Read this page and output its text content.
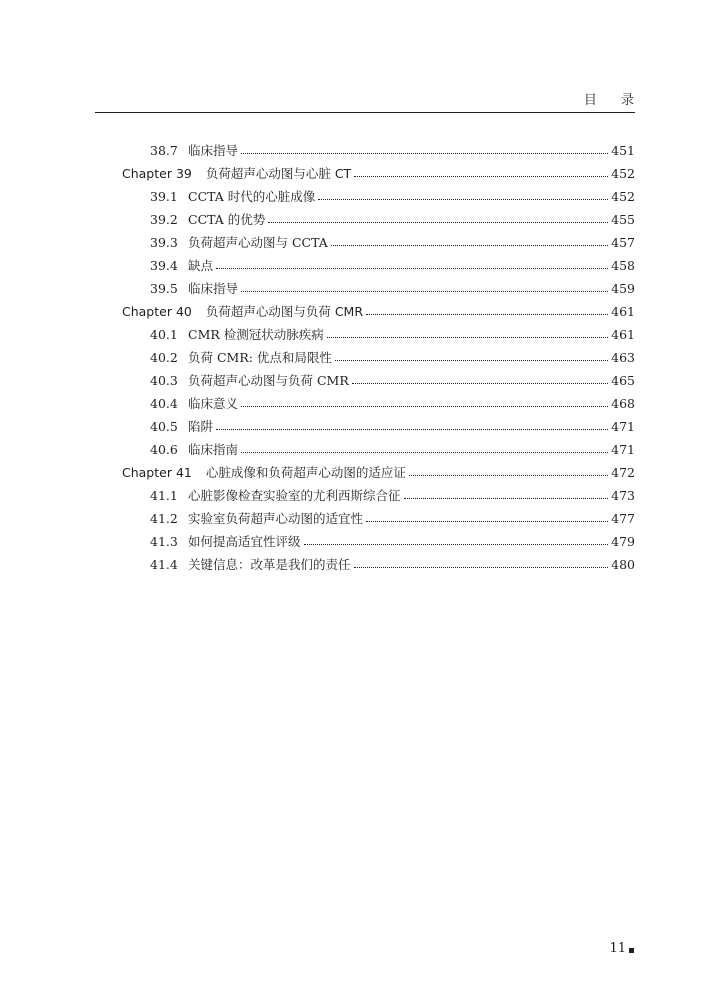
目 录
38.7 临床指导	451
Chapter 39 负荷超声心动图与心脏 CT	452
39.1 CCTA 时代的心脏成像	452
39.2 CCTA 的优势	455
39.3 负荷超声心动图与 CCTA	457
39.4 缺点	458
39.5 临床指导	459
Chapter 40 负荷超声心动图与负荷 CMR	461
40.1 CMR 检测冠状动脉疾病	461
40.2 负荷 CMR: 优点和局限性	463
40.3 负荷超声心动图与负荷 CMR	465
40.4 临床意义	468
40.5 陷阱	471
40.6 临床指南	471
Chapter 41 心脏成像和负荷超声心动图的适应证	472
41.1 心脏影像检查实验室的尤利西斯综合征	473
41.2 实验室负荷超声心动图的适宜性	477
41.3 如何提高适宜性评级	479
41.4 关键信息：改革是我们的责任	480
11
